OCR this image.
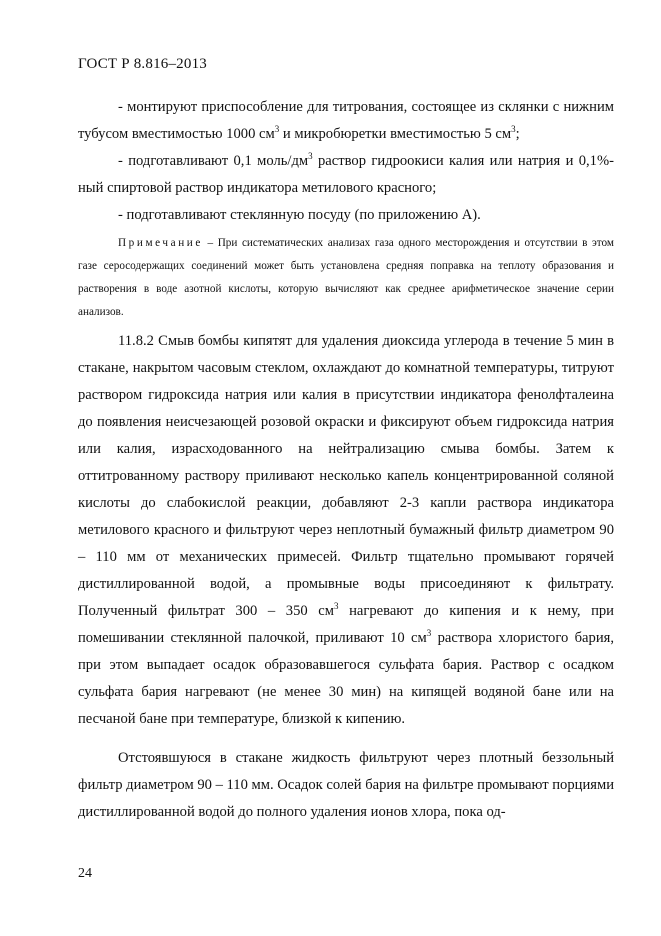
ГОСТ Р 8.816–2013

- монтируют приспособление для титрования, состоящее из склянки с нижним тубусом вместимостью 1000 $см^3$ и микробюретки вместимостью 5 $см^3$;

- подготавливают 0,1 моль/$дм^3$ раствор гидроокиси калия или натрия и 0,1%-ный спиртовой раствор индикатора метилового красного;

- подготавливают стеклянную посуду (по приложению А).

Примечание – При систематических анализах газа одного месторождения и отсутствии в этом газе серосодержащих соединений может быть установлена средняя поправка на теплоту образования и растворения в воде азотной кислоты, которую вычисляют как среднее арифметическое значение серии анализов.

11.8.2 Смыв бомбы кипятят для удаления диоксида углерода в течение 5 мин в стакане, накрытом часовым стеклом, охлаждают до комнатной температуры, титруют раствором гидроксида натрия или калия в присутствии индикатора фенолфталеина до появления неисчезающей розовой окраски и фиксируют объем гидроксида натрия или калия, израсходованного на нейтрализацию смыва бомбы. Затем к оттитрованному раствору приливают несколько капель концентрированной соляной кислоты до слабокислой реакции, добавляют 2-3 капли раствора индикатора метилового красного и фильтруют через неплотный бумажный фильтр диаметром 90 – 110 мм от механических примесей. Фильтр тщательно промывают горячей дистиллированной водой, а промывные воды присоединяют к фильтрату. Полученный фильтрат 300 – 350 $см^3$ нагревают до кипения и к нему, при помешивании стеклянной палочкой, приливают 10 $см^3$ раствора хлористого бария, при этом выпадает осадок образовавшегося сульфата бария. Раствор с осадком сульфата бария нагревают (не менее 30 мин) на кипящей водяной бане или на песчаной бане при температуре, близкой к кипению.

Отстоявшуюся в стакане жидкость фильтруют через плотный беззольный фильтр диаметром 90 – 110 мм. Осадок солей бария на фильтре промывают порциями дистиллированной водой до полного удаления ионов хлора, пока од-

24
